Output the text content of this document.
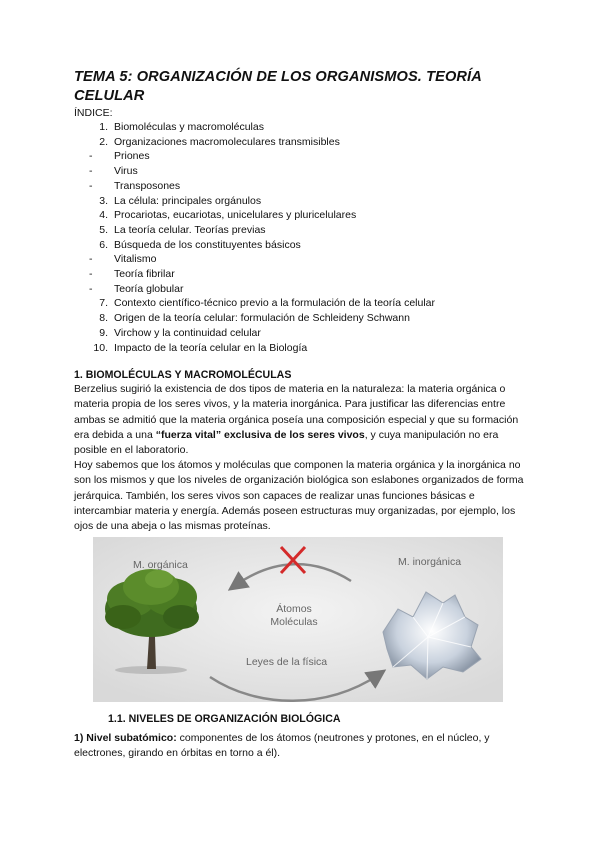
TEMA 5: ORGANIZACIÓN DE LOS ORGANISMOS. TEORÍA CELULAR
ÍNDICE:
1. Biomoléculas y macromoléculas
2. Organizaciones macromoleculares transmisibles
-	Priones
-	Virus
-	Transposones
3. La célula: principales orgánulos
4. Procariotas, eucariotas, unicelulares y pluricelulares
5. La teoría celular. Teorías previas
6. Búsqueda de los constituyentes básicos
-	Vitalismo
-	Teoría fibrilar
-	Teoría globular
7. Contexto científico-técnico previo a la formulación de la teoría celular
8. Origen de la teoría celular: formulación de Schleideny Schwann
9. Virchow y la continuidad celular
10. Impacto de la teoría celular en la Biología
1. BIOMOLÉCULAS Y MACROMOLÉCULAS

Berzelius sugirió la existencia de dos tipos de materia en la naturaleza: la materia orgánica o materia propia de los seres vivos, y la materia inorgánica. Para justificar las diferencias entre ambas se admitió que la materia orgánica poseía una composición especial y que su formación era debida a una “fuerza vital” exclusiva de los seres vivos, y cuya manipulación no era posible en el laboratorio.

Hoy sabemos que los átomos y moléculas que componen la materia orgánica y la inorgánica no son los mismos y que los niveles de organización biológica son eslabones organizados de forma jerárquica. También, los seres vivos son capaces de realizar unas funciones básicas e intercambiar materia y energía. Además poseen estructuras muy organizadas, por ejemplo, los ojos de una abeja o las mismas proteínas.

M. orgánica	M. inorgánica
Átomos
Moléculas
Leyes de la física
1.1. NIVELES DE ORGANIZACIÓN BIOLÓGICA

1) Nivel subatómico: componentes de los átomos (neutrones y protones, en el núcleo, y electrones, girando en órbitas en torno a él).
